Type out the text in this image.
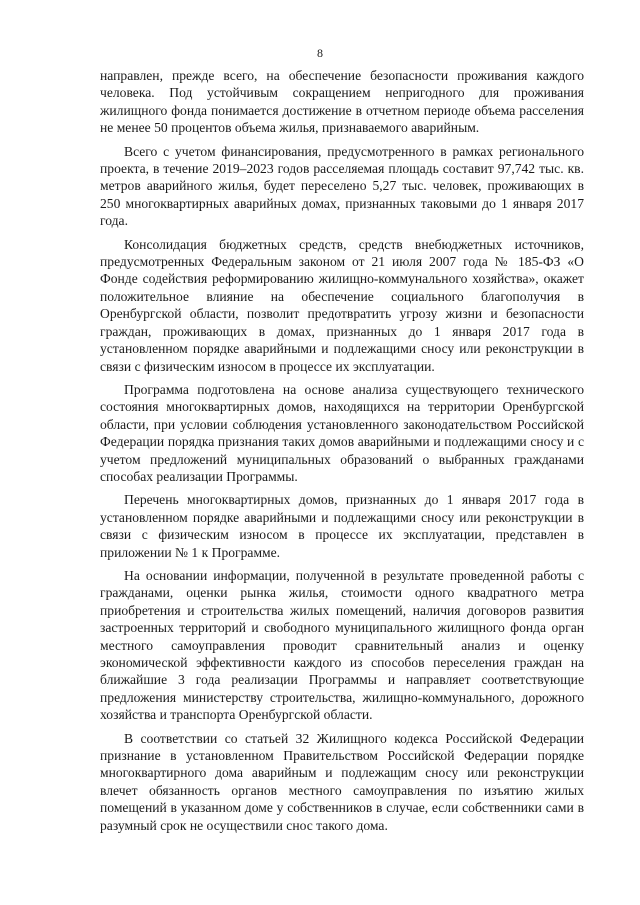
8

направлен, прежде всего, на обеспечение безопасности проживания каждого человека. Под устойчивым сокращением непригодного для проживания жилищного фонда понимается достижение в отчетном периоде объема расселения не менее 50 процентов объема жилья, признаваемого аварийным.

Всего с учетом финансирования, предусмотренного в рамках регионального проекта, в течение 2019–2023 годов расселяемая площадь составит 97,742 тыс. кв. метров аварийного жилья, будет переселено 5,27 тыс. человек, проживающих в 250 многоквартирных аварийных домах, признанных таковыми до 1 января 2017 года.

Консолидация бюджетных средств, средств внебюджетных источников, предусмотренных Федеральным законом от 21 июля 2007 года № 185-ФЗ «О Фонде содействия реформированию жилищно-коммунального хозяйства», окажет положительное влияние на обеспечение социального благополучия в Оренбургской области, позволит предотвратить угрозу жизни и безопасности граждан, проживающих в домах, признанных до 1 января 2017 года в установленном порядке аварийными и подлежащими сносу или реконструкции в связи с физическим износом в процессе их эксплуатации.

Программа подготовлена на основе анализа существующего технического состояния многоквартирных домов, находящихся на территории Оренбургской области, при условии соблюдения установленного законодательством Российской Федерации порядка признания таких домов аварийными и подлежащими сносу и с учетом предложений муниципальных образований о выбранных гражданами способах реализации Программы.

Перечень многоквартирных домов, признанных до 1 января 2017 года в установленном порядке аварийными и подлежащими сносу или реконструкции в связи с физическим износом в процессе их эксплуатации, представлен в приложении № 1 к Программе.

На основании информации, полученной в результате проведенной работы с гражданами, оценки рынка жилья, стоимости одного квадратного метра приобретения и строительства жилых помещений, наличия договоров развития застроенных территорий и свободного муниципального жилищного фонда орган местного самоуправления проводит сравнительный анализ и оценку экономической эффективности каждого из способов переселения граждан на ближайшие 3 года реализации Программы и направляет соответствующие предложения министерству строительства, жилищно-коммунального, дорожного хозяйства и транспорта Оренбургской области.

В соответствии со статьей 32 Жилищного кодекса Российской Федерации признание в установленном Правительством Российской Федерации порядке многоквартирного дома аварийным и подлежащим сносу или реконструкции влечет обязанность органов местного самоуправления по изъятию жилых помещений в указанном доме у собственников в случае, если собственники сами в разумный срок не осуществили снос такого дома.
